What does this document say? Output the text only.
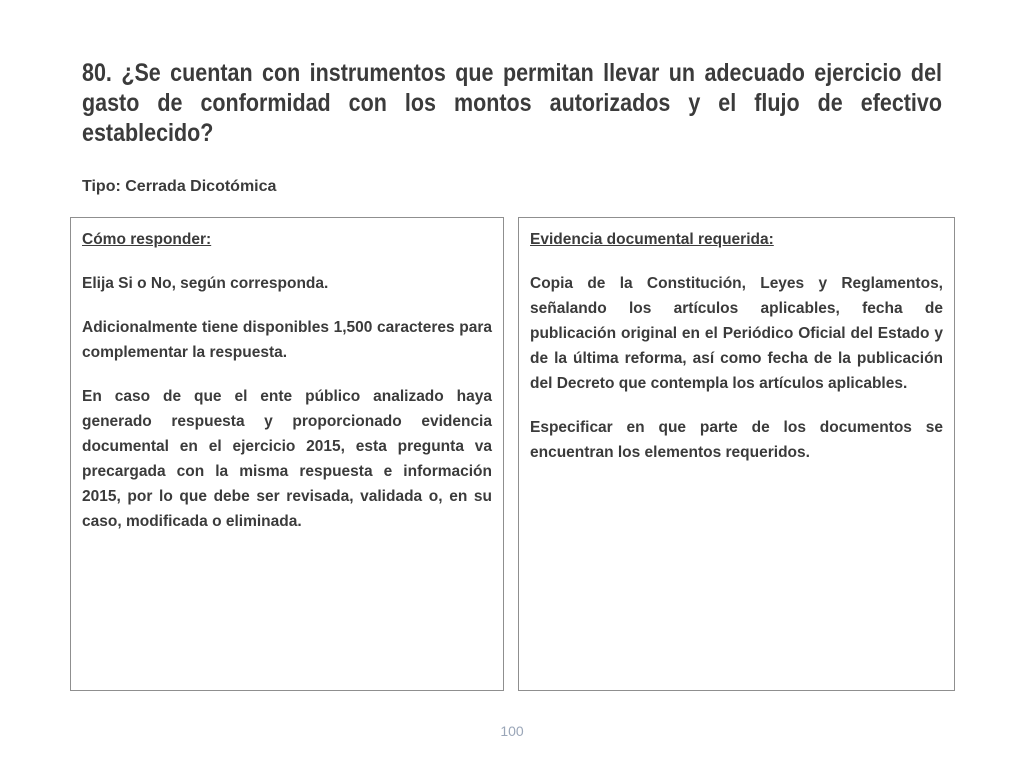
80. ¿Se cuentan con instrumentos que permitan llevar un adecuado ejercicio del gasto de conformidad con los montos autorizados y el flujo de efectivo establecido?
Tipo: Cerrada Dicotómica
Cómo responder:

Elija Si o No, según corresponda.

Adicionalmente tiene disponibles 1,500 caracteres para complementar la respuesta.

En caso de que el ente público analizado haya generado respuesta y proporcionado evidencia documental en el ejercicio 2015, esta pregunta va precargada con la misma respuesta e información 2015, por lo que debe ser revisada, validada o, en su caso, modificada o eliminada.

Evidencia documental requerida:

Copia de la Constitución, Leyes y Reglamentos, señalando los artículos aplicables, fecha de publicación original en el Periódico Oficial del Estado y de la última reforma, así como fecha de la publicación del Decreto que contempla los artículos aplicables.

Especificar en que parte de los documentos se encuentran los elementos requeridos.

100
